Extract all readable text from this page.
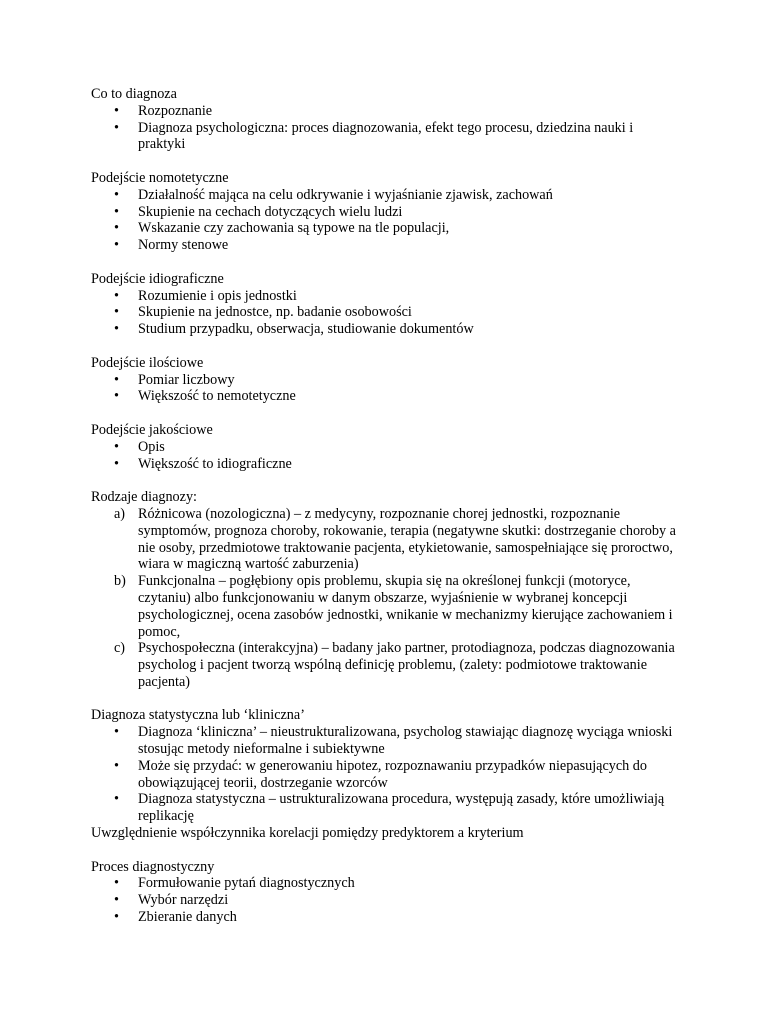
Co to diagnoza
• Rozpoznanie
• Diagnoza psychologiczna: proces diagnozowania, efekt tego procesu, dziedzina nauki i praktyki
Podejście nomotetyczne
• Działalność mająca na celu odkrywanie i wyjaśnianie zjawisk, zachowań
• Skupienie na cechach dotyczących wielu ludzi
• Wskazanie czy zachowania są typowe na tle populacji,
• Normy stenowe
Podejście idiograficzne
• Rozumienie i opis jednostki
• Skupienie na jednostce, np. badanie osobowości
• Studium przypadku, obserwacja, studiowanie dokumentów
Podejście ilościowe
• Pomiar liczbowy
• Większość to nemotetyczne
Podejście jakościowe
• Opis
• Większość to idiograficzne
Rodzaje diagnozy:
a) Różnicowa (nozologiczna) – z medycyny, rozpoznanie chorej jednostki, rozpoznanie symptomów, prognoza choroby, rokowanie, terapia (negatywne skutki: dostrzeganie choroby a nie osoby, przedmiotowe traktowanie pacjenta, etykietowanie, samospełniające się proroctwo, wiara w magiczną wartość zaburzenia)
b) Funkcjonalna – pogłębiony opis problemu, skupia się na określonej funkcji (motoryce, czytaniu) albo funkcjonowaniu w danym obszarze, wyjaśnienie w wybranej koncepcji psychologicznej, ocena zasobów jednostki, wnikanie w mechanizmy kierujące zachowaniem i pomoc,
c) Psychospołeczna (interakcyjna) – badany jako partner, protodiagnoza, podczas diagnozowania psycholog i pacjent tworzą wspólną definicję problemu, (zalety: podmiotowe traktowanie pacjenta)
Diagnoza statystyczna lub ‘kliniczna’
• Diagnoza ‘kliniczna’ – nieustrukturalizowana, psycholog stawiając diagnozę wyciąga wnioski stosując metody nieformalne i subiektywne
• Może się przydać: w generowaniu hipotez, rozpoznawaniu przypadków niepasujących do obowiązującej teorii, dostrzeganie wzorców
• Diagnoza statystyczna – ustrukturalizowana procedura, występują zasady, które umożliwiają replikację
Uwzględnienie współczynnika korelacji pomiędzy predyktorem a kryterium
Proces diagnostyczny
• Formułowanie pytań diagnostycznych
• Wybór narzędzi
• Zbieranie danych
